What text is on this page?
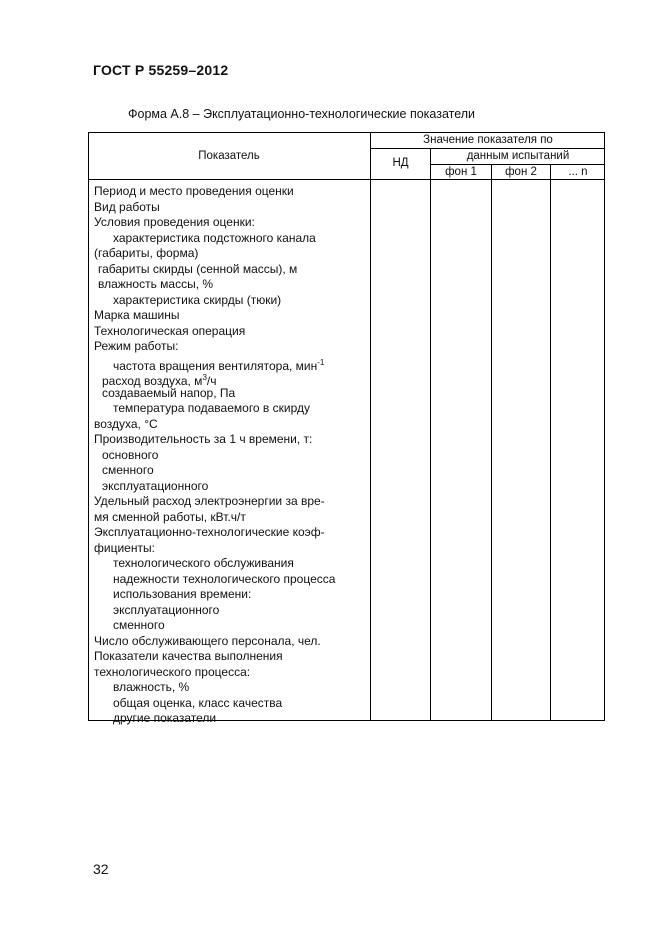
ГОСТ Р 55259–2012
Форма А.8 – Эксплуатационно-технологические показатели
Показатель
Значение показателя по
НД
данным испытаний
фон 1	фон 2	... n
Период и место проведения оценки
Вид работы
Условия проведения оценки:
характеристика подстожного канала
(габариты, форма)
габариты скирды (сенной массы), м
влажность массы, %
характеристика скирды (тюки)
Марка машины
Технологическая операция
Режим работы:
частота вращения вентилятора, мин$^{-1}$
расход воздуха, $м^3/ч$
создаваемый напор, Па
температура подаваемого в скирду
воздуха, °С
Производительность за 1 ч времени, т:
основного
сменного
эксплуатационного
Удельный расход электроэнергии за вре-
мя сменной работы, кВт.ч/т
Эксплуатационно-технологические коэф-
фициенты:
технологического обслуживания
надежности технологического процесса
использования времени:
эксплуатационного
сменного
Число обслуживающего персонала, чел.
Показатели качества выполнения
технологического процесса:
влажность, %
общая оценка, класс качества
другие показатели
32
